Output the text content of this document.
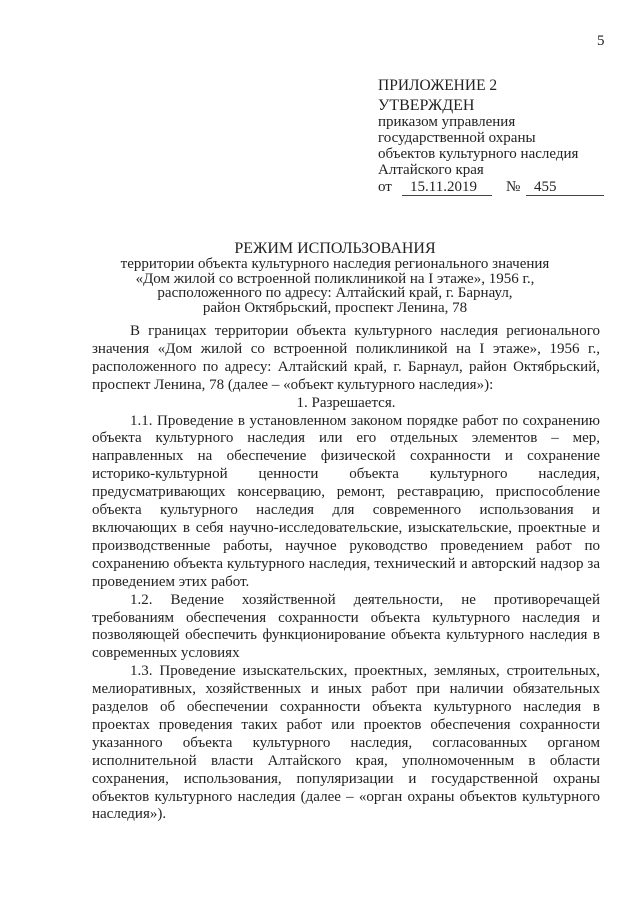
5
ПРИЛОЖЕНИЕ 2
УТВЕРЖДЕН
приказом управления
государственной охраны
объектов культурного наследия
Алтайского края
от	15.11.2019	№ 455
РЕЖИМ ИСПОЛЬЗОВАНИЯ
территории объекта культурного наследия регионального значения
«Дом жилой со встроенной поликлиникой на I этаже», 1956 г.,
расположенного по адресу: Алтайский край, г. Барнаул,
район Октябрьский, проспект Ленина, 78

В границах территории объекта культурного наследия регионального значения «Дом жилой со встроенной поликлиникой на I этаже», 1956 г., расположенного по адресу: Алтайский край, г. Барнаул, район Октябрьский, проспект Ленина, 78 (далее – «объект культурного наследия»):

1. Разрешается.

1.1. Проведение в установленном законом порядке работ по сохранению объекта культурного наследия или его отдельных элементов – мер, направленных на обеспечение физической сохранности и сохранение историко-культурной ценности объекта культурного наследия, предусматривающих консервацию, ремонт, реставрацию, приспособление объекта культурного наследия для современного использования и включающих в себя научно-исследовательские, изыскательские, проектные и производственные работы, научное руководство проведением работ по сохранению объекта культурного наследия, технический и авторский надзор за проведением этих работ.

1.2. Ведение хозяйственной деятельности, не противоречащей требованиям обеспечения сохранности объекта культурного наследия и позволяющей обеспечить функционирование объекта культурного наследия в современных условиях

1.3. Проведение изыскательских, проектных, земляных, строительных, мелиоративных, хозяйственных и иных работ при наличии обязательных разделов об обеспечении сохранности объекта культурного наследия в проектах проведения таких работ или проектов обеспечения сохранности указанного объекта культурного наследия, согласованных органом исполнительной власти Алтайского края, уполномоченным в области сохранения, использования, популяризации и государственной охраны объектов культурного наследия (далее – «орган охраны объектов культурного наследия»).
